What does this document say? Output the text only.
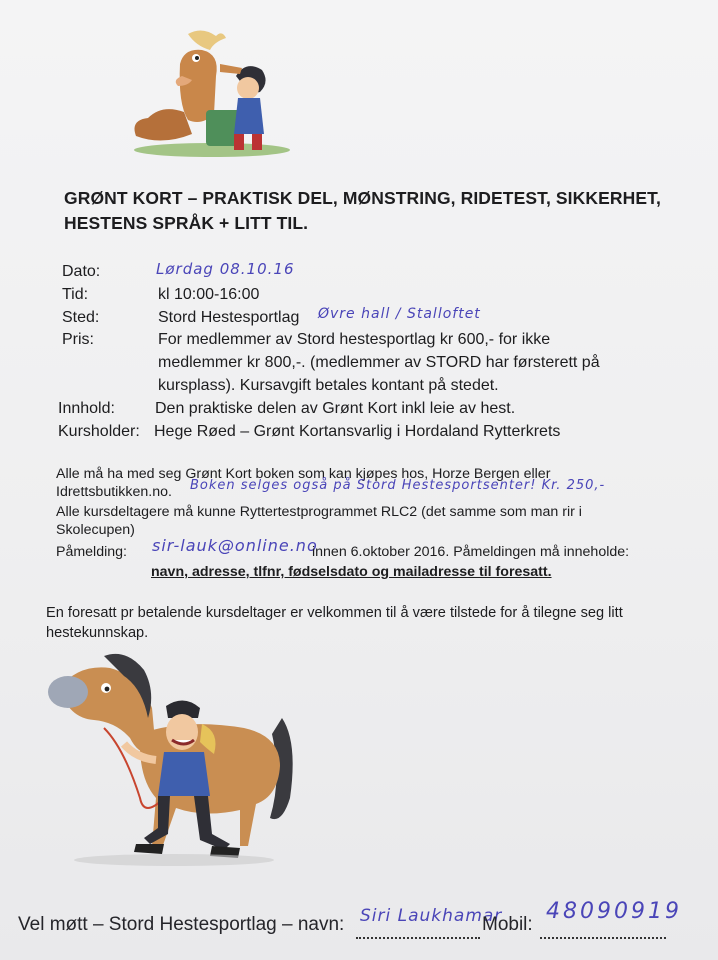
GRØNT KORT – PRAKTISK DEL, MØNSTRING, RIDETEST, SIKKERHET,
HESTENS SPRÅK + LITT TIL.
Dato:	Lørdag 08.10.16
Tid:	kl 10:00-16:00
Sted:	Stord Hestesportlag Øvre hall / Stalloftet
Pris:	For medlemmer av Stord hestesportlag kr 600,- for ikke
medlemmer kr 800,-. (medlemmer av STORD har førsterett på
kursplass). Kursavgift betales kontant på stedet.
Innhold:	Den praktiske delen av Grønt Kort inkl leie av hest.
Kursholder: Hege Røed – Grønt Kortansvarlig i Hordaland Rytterkrets
Alle må ha med seg Grønt Kort boken som kan kjøpes hos, Horze Bergen eller
Idrettsbutikken.no. Boken selges også på Stord Hestesportsenter! Kr. 250,-
Alle kursdeltagere må kunne Ryttertestprogrammet RLC2 (det samme som man rir i
Skolecupen)
Påmelding: sir-lauk@online.no
innen 6.oktober 2016. Påmeldingen må inneholde:
navn, adresse, tlfnr, fødselsdato og mailadresse til foresatt.
En foresatt pr betalende kursdeltager er velkommen til å være tilstede for å tilegne seg litt
hestekunnskap.
Vel møtt – Stord Hestesportlag – navn: Siri Laukhamar
Mobil:
48090919
